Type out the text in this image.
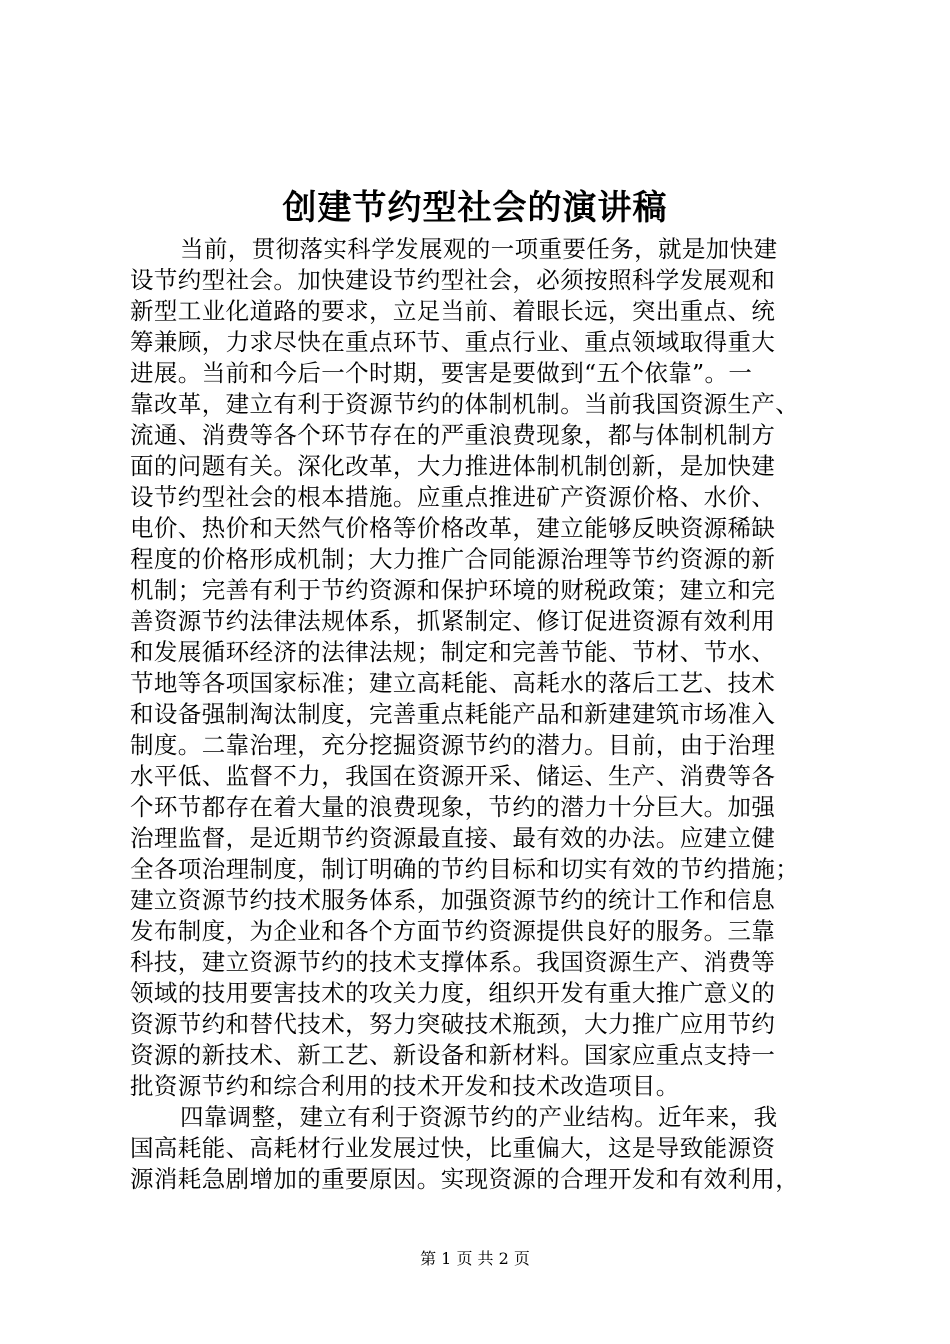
创建节约型社会的演讲稿
当前，贯彻落实科学发展观的一项重要任务，就是加快建
设节约型社会。加快建设节约型社会，必须按照科学发展观和
新型工业化道路的要求，立足当前、着眼长远，突出重点、统
筹兼顾，力求尽快在重点环节、重点行业、重点领域取得重大
进展。当前和今后一个时期，要害是要做到“五个依靠”。一
靠改革，建立有利于资源节约的体制机制。当前我国资源生产、
流通、消费等各个环节存在的严重浪费现象，都与体制机制方
面的问题有关。深化改革，大力推进体制机制创新，是加快建
设节约型社会的根本措施。应重点推进矿产资源价格、水价、
电价、热价和天然气价格等价格改革，建立能够反映资源稀缺
程度的价格形成机制；大力推广合同能源治理等节约资源的新
机制；完善有利于节约资源和保护环境的财税政策；建立和完
善资源节约法律法规体系，抓紧制定、修订促进资源有效利用
和发展循环经济的法律法规；制定和完善节能、节材、节水、
节地等各项国家标准；建立高耗能、高耗水的落后工艺、技术
和设备强制淘汰制度，完善重点耗能产品和新建建筑市场准入
制度。二靠治理，充分挖掘资源节约的潜力。目前，由于治理
水平低、监督不力，我国在资源开采、储运、生产、消费等各
个环节都存在着大量的浪费现象，节约的潜力十分巨大。加强
治理监督，是近期节约资源最直接、最有效的办法。应建立健
全各项治理制度，制订明确的节约目标和切实有效的节约措施；
建立资源节约技术服务体系，加强资源节约的统计工作和信息
发布制度，为企业和各个方面节约资源提供良好的服务。三靠
科技，建立资源节约的技术支撑体系。我国资源生产、消费等
领域的技用要害技术的攻关力度，组织开发有重大推广意义的
资源节约和替代技术，努力突破技术瓶颈，大力推广应用节约
资源的新技术、新工艺、新设备和新材料。国家应重点支持一
批资源节约和综合利用的技术开发和技术改造项目。
四靠调整，建立有利于资源节约的产业结构。近年来，我
国高耗能、高耗材行业发展过快，比重偏大，这是导致能源资
源消耗急剧增加的重要原因。实现资源的合理开发和有效利用，
第 1 页 共 2 页
